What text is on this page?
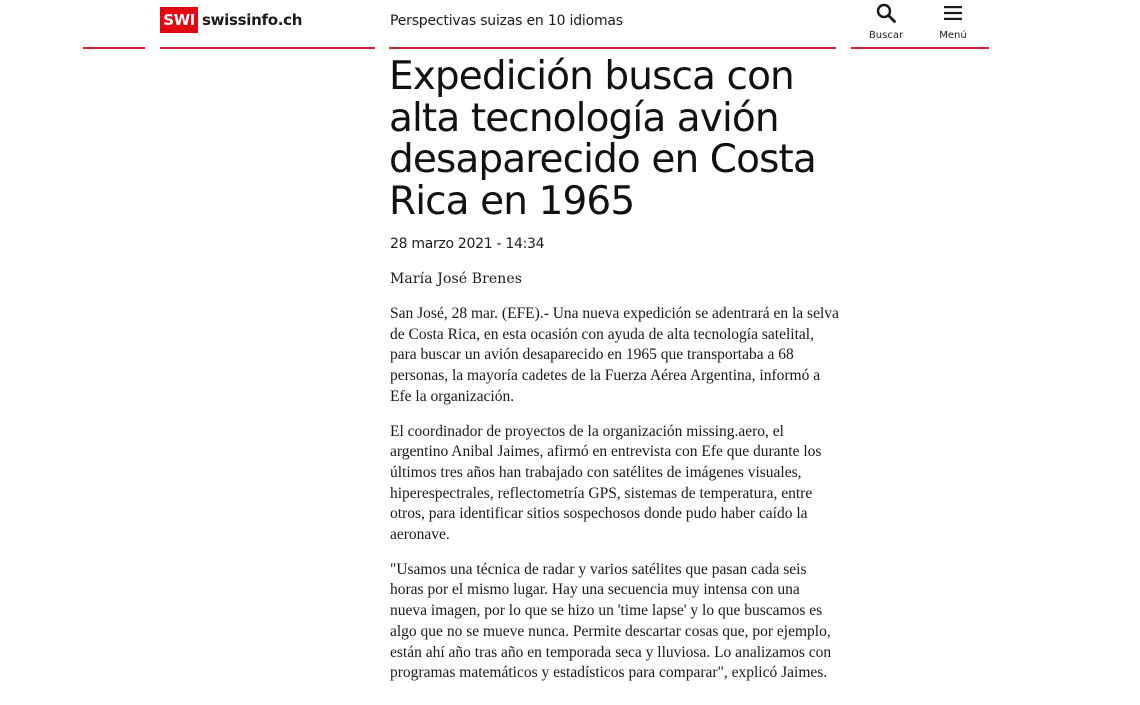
SWI swissinfo.ch	Perspectivas suizas en 10 idiomas
Buscar	Menú
Expedición busca con alta tecnología avión desaparecido en Costa Rica en 1965
28 marzo 2021 - 14:34
María José Brenes

San José, 28 mar. (EFE).- Una nueva expedición se adentrará en la selva de Costa Rica, en esta ocasión con ayuda de alta tecnología satelital, para buscar un avión desaparecido en 1965 que transportaba a 68 personas, la mayoría cadetes de la Fuerza Aérea Argentina, informó a Efe la organización.

El coordinador de proyectos de la organización missing.aero, el argentino Anibal Jaimes, afirmó en entrevista con Efe que durante los últimos tres años han trabajado con satélites de imágenes visuales, hiperespectrales, reflectometría GPS, sistemas de temperatura, entre otros, para identificar sitios sospechosos donde pudo haber caído la aeronave.

"Usamos una técnica de radar y varios satélites que pasan cada seis horas por el mismo lugar. Hay una secuencia muy intensa con una nueva imagen, por lo que se hizo un 'time lapse' y lo que buscamos es algo que no se mueve nunca. Permite descartar cosas que, por ejemplo, están ahí año tras año en temporada seca y lluviosa. Lo analizamos con programas matemáticos y estadísticos para comparar", explicó Jaimes.
